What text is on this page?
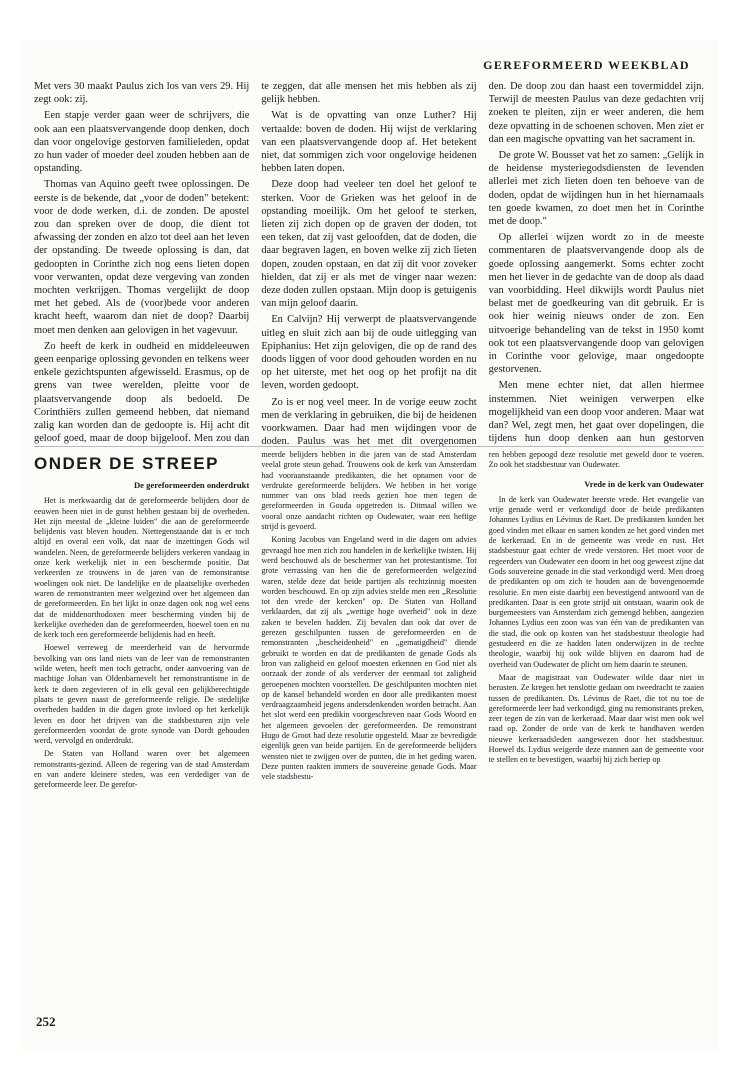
GEREFORMEERD WEEKBLAD

Met vers 30 maakt Paulus zich los van vers 29. Hij zegt ook: zij.

Een stapje verder gaan weer de schrijvers, die ook aan een plaatsvervangende doop denken, doch dan voor ongelovige gestorven familieleden, opdat zo hun vader of moeder deel zouden hebben aan de opstanding.

Thomas van Aquino geeft twee oplossingen. De eerste is de bekende, dat „voor de doden" betekent: voor de dode werken, d.i. de zonden. De apostel zou dan spreken over de doop, die dient tot afwassing der zonden en alzo tot deel aan het leven der opstanding. De tweede oplossing is dan, dat gedoopten in Corinthe zich nog eens lieten dopen voor verwanten, opdat deze vergeving van zonden mochten verkrijgen. Thomas vergelijkt de doop met het gebed. Als de (voor)bede voor anderen kracht heeft, waarom dan niet de doop? Daarbij moet men denken aan gelovigen in het vagevuur.

Zo heeft de kerk in oudheid en middeleeuwen geen eenparige oplossing gevonden en telkens weer enkele gezichtspunten afgewisseld. Erasmus, op de grens van twee werelden, pleitte voor de plaatsvervangende doop als bedoeld. De Corinthiërs zullen gemeend hebben, dat niemand zalig kan worden dan de gedoopte is. Hij acht dit geloof goed, maar de doop bijgeloof. Men zou dan

te zeggen, dat alle mensen het mis hebben als zij gelijk hebben.

Wat is de opvatting van onze Luther? Hij vertaalde: boven de doden. Hij wijst de verklaring van een plaatsvervangende doop af. Het betekent niet, dat sommigen zich voor ongelovige heidenen hebben laten dopen.

Deze doop had veeleer ten doel het geloof te sterken. Voor de Grieken was het geloof in de opstanding moeilijk. Om het geloof te sterken, lieten zij zich dopen op de graven der doden, tot een teken, dat zij vast geloofden, dat de doden, die daar begraven lagen, en boven welke zij zich lieten dopen, zouden opstaan, en dat zij dit voor zoveker hielden, dat zij er als met de vinger naar wezen: deze doden zullen opstaan. Mijn doop is getuigenis van mijn geloof daarin.

En Calvijn? Hij verwerpt de plaatsvervangende uitleg en sluit zich aan bij de oude uitlegging van Epiphanius: Het zijn gelovigen, die op de rand des doods liggen of voor dood gehouden worden en nu op het uiterste, met het oog op het profijt na dit leven, worden gedoopt.

Zo is er nog veel meer. In de vorige eeuw zocht men de verklaring in gebruiken, die bij de heidenen voorkwamen. Daar had men wijdingen voor de doden. Paulus was het met dit overgenomen

den. De doop zou dan haast een tovermiddel zijn. Terwijl de meesten Paulus van deze gedachten vrij zoeken te pleiten, zijn er weer anderen, die hem deze opvatting in de schoenen schoven. Men ziet er dan een magische opvatting van het sacrament in.

De grote W. Bousset vat het zo samen: „Gelijk in de heidense mysteriegodsdiensten de levenden allerlei met zich lieten doen ten behoeve van de doden, opdat de wijdingen hun in het hiernamaals ten goede kwamen, zo doet men het in Corinthe met de doop."

Op allerlei wijzen wordt zo in de meeste commentaren de plaatsvervangende doop als de goede oplossing aangemerkt. Soms echter zocht men het liever in de gedachte van de doop als daad van voorbidding. Heel dikwijls wordt Paulus niet belast met de goedkeuring van dit gebruik. Er is ook hier weinig nieuws onder de zon. Een uitvoerige behandeling van de tekst in 1950 komt ook tot een plaatsvervangende doop van gelovigen in Corinthe voor gelovige, maar ongedoopte gestorvenen.

Men mene echter niet, dat allen hiermee instemmen. Niet weinigen verwerpen elke mogelijkheid van een doop voor anderen. Maar wat dan? Wel, zegt men, het gaat over dopelingen, die tijdens hun doop denken aan hun gestorven

De gereformeerden onderdrukt

Het is merkwaardig dat de gereformeerde belijders door de eeuwen heen niet in de gunst hebben gestaan bij de overheden. Het zijn meestal de „kleine luiden" die aan de gereformeerde belijdenis vast bleven houden. Niettegenstaande dat is er toch altijd en overal een volk, dat naar de inzettingen Gods wil wandelen. Neen, de gereformeerde belijders verkeren vandaag in onze kerk werkelijk niet in een beschermde positie. Dat verkeerden ze trouwens in de jaren van de remonstrantse woelingen ook niet. De landelijke en de plaatselijke overheden waren de remonstranten meer welgezind over het algemeen dan de gereformeerden. En het lijkt in onze dagen ook nog wel eens dat de middenorthodoxen meer bescherming vinden bij de kerkelijke overheden dan de gereformeerden, hoewel toen en nu de kerk toch een gereformeerde belijdenis had en heeft.

Hoewel verreweg de meerderheid van de hervormde bevolking van ons land niets van de leer van de remonstranten wilde weten, heeft men toch getracht, onder aanvoering van de machtige Johan van Oldenbarnevelt het remonstrantisme in de kerk te doen zegevieren of in elk geval een gelijkberechtigde plaats te geven naast de gereformeerde religie. De stedelijke overheden hadden in die dagen grote invloed op het kerkelijk leven en door het drijven van die stadsbesturen zijn vele gereformeerden voordat de grote synode van Dordt gehouden werd, vervolgd en onderdrukt.

De Staten van Holland waren over het algemeen remonstrants-gezind. Alleen de regering van de stad Amsterdam en van andere kleinere steden, was een verdediger van de gereformeerde leer. De gerefor-

meerde belijders hebben in die jaren van de stad Amsterdam veelal grote steun gehad. Trouwens ook de kerk van Amsterdam had vooraanstaande predikanten, die het opnamen voor de verdrukte gereformeerde belijders. We hebben in het vorige nummer van ons blad reeds gezien hoe men tegen de gereformeerden in Gouda opgetreden is. Ditmaal willen we vooral onze aandacht richten op Oudewater, waar een heftige strijd is gevoerd.

Koning Jacobus van Engeland werd in die dagen om advies gevraagd hoe men zich zou handelen in de kerkelijke twisten. Hij werd beschouwd als de beschermer van het protestantisme. Tot grote verrassing van hen die de gereformeerden welgezind waren, stelde deze dat beide partijen als rechtzinnig moesten worden beschouwd. En op zijn advies stelde men een „Resolutie tot den vrede der kercken" op. De Staten van Holland verklaarden, dat zij als „wettige hoge overheid" ook in deze zaken te bevelen hadden. Zij bevalen dan ook dat over de gerezen geschilpunten tussen de gereformeerden en de remonstranten „bescheidenheid" en „gematigdheid" diende gebruikt te worden en dat de predikanten de genade Gods als bron van zaligheid en geloof moesten erkennen en God niet als oorzaak der zonde of als verderver der eenmaal tot zaligheid geroepenen mochten voorstellen. De geschilpunten mochten niet op de kansel behandeld worden en door alle predikanten moest verdraagzaamheid jegens andersdenkenden worden betracht. Aan het slot werd een predikin voorgeschreven naar Gods Woord en het algemeen gevoelen der gereformeerden. De remonstrant Hugo de Groot had deze resolutie opgesteld. Maar ze bevredigde eigenlijk geen van beide partijen. En de gereformeerde belijders wensten niet te zwijgen over de punten, die in het geding waren. Deze punten raakten immers de souvereine genade Gods. Maar vele stadsbestu-

ren hebben gepoogd deze resolutie met geweld door te voeren. Zo ook het stadsbestuur van Oudewater.

Vrede in de kerk van Oudewater

In de kerk van Oudewater heerste vrede. Het evangelie van vrije genade werd er verkondigd door de beide predikanten Johannes Lydius en Lévinus de Raet. De predikanten konden het goed vinden met elkaar en samen konden ze het goed vinden met de kerkeraad. En in de gemeente was vrede en rust. Het stadsbestuur gaat echter de vrede verstoren. Het moet voor de regeerders van Oudewater een doorn in het oog geweest zijne dat Gods souvereine genade in die stad verkondigd werd. Men droeg de predikanten op om zich te houden aan de bovengenoemde resolutie. En men eiste daarbij een bevestigend antwoord van de predikanten. Daar is een grote strijd uit ontstaan, waarin ook de burgemeesters van Amsterdam zich gemengd hebben, aangezien Johannes Lydius een zoon was van één van de predikanten van die stad, die ook op kosten van het stadsbestuur theologie had gestudeerd en die ze hadden laten onderwijzen in de rechte theologie, waarbij hij ook wilde blijven en daarom had de overheid van Oudewater de plicht om hem daarin te steunen.

Maar de magistraat van Oudewater wilde daar niet in berusten. Ze kregen het tenslotte gedaan om tweedracht te zaaien tussen de predikanten. Ds. Lévinus de Raet, die tot nu toe de gereformeerde leer had verkondigd, ging nu remonstrants preken, zeer tegen de zin van de kerkeraad. Maar daar wist men ook wel raad op. Zonder de orde van de kerk te handhaven werden nieuwe kerkeraadsleden aangewezen door het stadsbestuur. Hoewel ds. Lydius weigerde deze mannen aan de gemeente voor te stellen en te bevestigen, waarbij hij zich beriep op

ONDER DE STREEP
252
